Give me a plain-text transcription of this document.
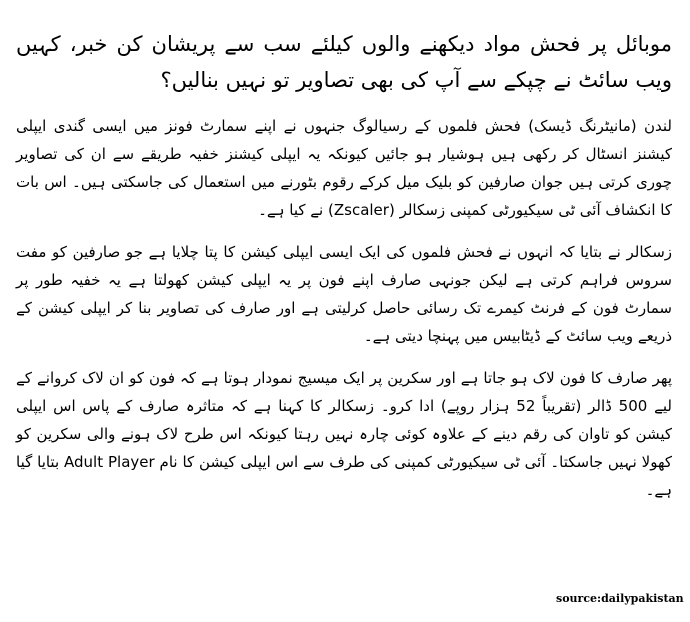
موبائل پر فحش مواد دیکھنے والوں کیلئے سب سے پریشان کن خبر، کہیں ویب سائٹ نے چپکے سے آپ کی بھی تصاویر تو نہیں بنالیں؟

لندن (مانیٹرنگ ڈیسک) فحش فلموں کے رسیالوگ جنہوں نے اپنے سمارٹ فونز میں ایسی گندی ایپلی کیشنز انسٹال کر رکھی ہیں ہوشیار ہو جائیں کیونکہ یہ ایپلی کیشنز خفیہ طریقے سے ان کی تصاویر چوری کرتی ہیں جوان صارفین کو بلیک میل کرکے رقوم بٹورنے میں استعمال کی جاسکتی ہیں۔ اس بات کا انکشاف آئی ٹی سیکیورٹی کمپنی زسکالر (Zscaler) نے کیا ہے۔

زسکالر نے بتایا کہ انہوں نے فحش فلموں کی ایک ایسی ایپلی کیشن کا پتا چلایا ہے جو صارفین کو مفت سروس فراہم کرتی ہے لیکن جونہی صارف اپنے فون پر یہ ایپلی کیشن کھولتا ہے یہ خفیہ طور پر سمارٹ فون کے فرنٹ کیمرے تک رسائی حاصل کرلیتی ہے اور صارف کی تصاویر بنا کر ایپلی کیشن کے ذریعے ویب سائٹ کے ڈیٹابیس میں پہنچا دیتی ہے۔

پھر صارف کا فون لاک ہو جاتا ہے اور سکرین پر ایک میسیج نمودار ہوتا ہے کہ فون کو ان لاک کروانے کے لیے 500 ڈالر (تقریباً 52 ہزار روپے) ادا کرو۔ زسکالر کا کہنا ہے کہ متاثرہ صارف کے پاس اس ایپلی کیشن کو تاوان کی رقم دینے کے علاوہ کوئی چارہ نہیں رہتا کیونکہ اس طرح لاک ہونے والی سکرین کو کھولا نہیں جاسکتا۔ آئی ٹی سیکیورٹی کمپنی کی طرف سے اس ایپلی کیشن کا نام Adult Player بتایا گیا ہے۔

source:dailypakistan
